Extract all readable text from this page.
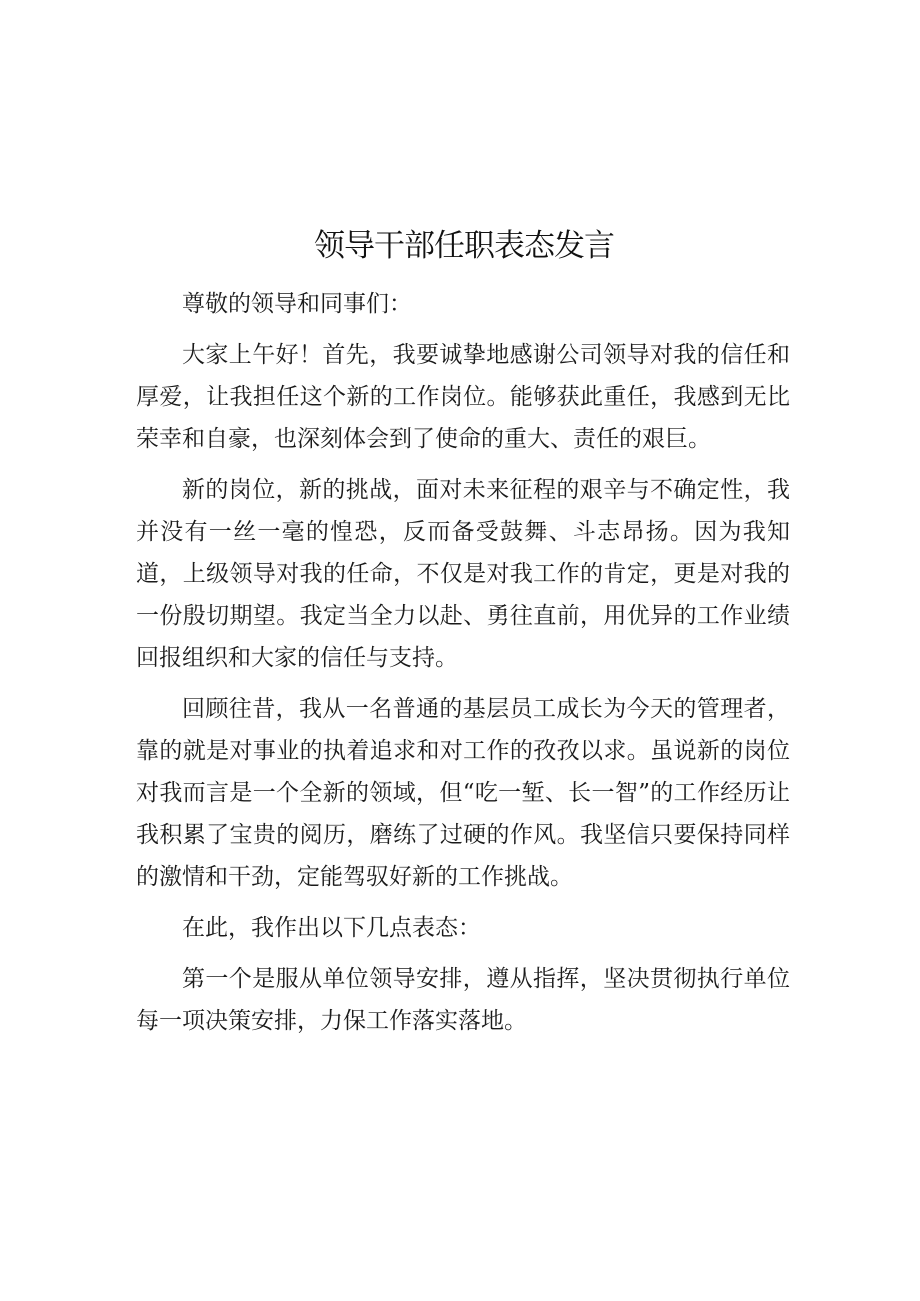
领导干部任职表态发言

尊敬的领导和同事们：

大家上午好！首先，我要诚挚地感谢公司领导对我的信任和厚爱，让我担任这个新的工作岗位。能够获此重任，我感到无比荣幸和自豪，也深刻体会到了使命的重大、责任的艰巨。

新的岗位，新的挑战，面对未来征程的艰辛与不确定性，我并没有一丝一毫的惶恐，反而备受鼓舞、斗志昂扬。因为我知道，上级领导对我的任命，不仅是对我工作的肯定，更是对我的一份殷切期望。我定当全力以赴、勇往直前，用优异的工作业绩回报组织和大家的信任与支持。

回顾往昔，我从一名普通的基层员工成长为今天的管理者，靠的就是对事业的执着追求和对工作的孜孜以求。虽说新的岗位对我而言是一个全新的领域，但“吃一堑、长一智”的工作经历让我积累了宝贵的阅历，磨练了过硬的作风。我坚信只要保持同样的激情和干劲，定能驾驭好新的工作挑战。

在此，我作出以下几点表态：

第一个是服从单位领导安排，遵从指挥，坚决贯彻执行单位每一项决策安排，力保工作落实落地。
